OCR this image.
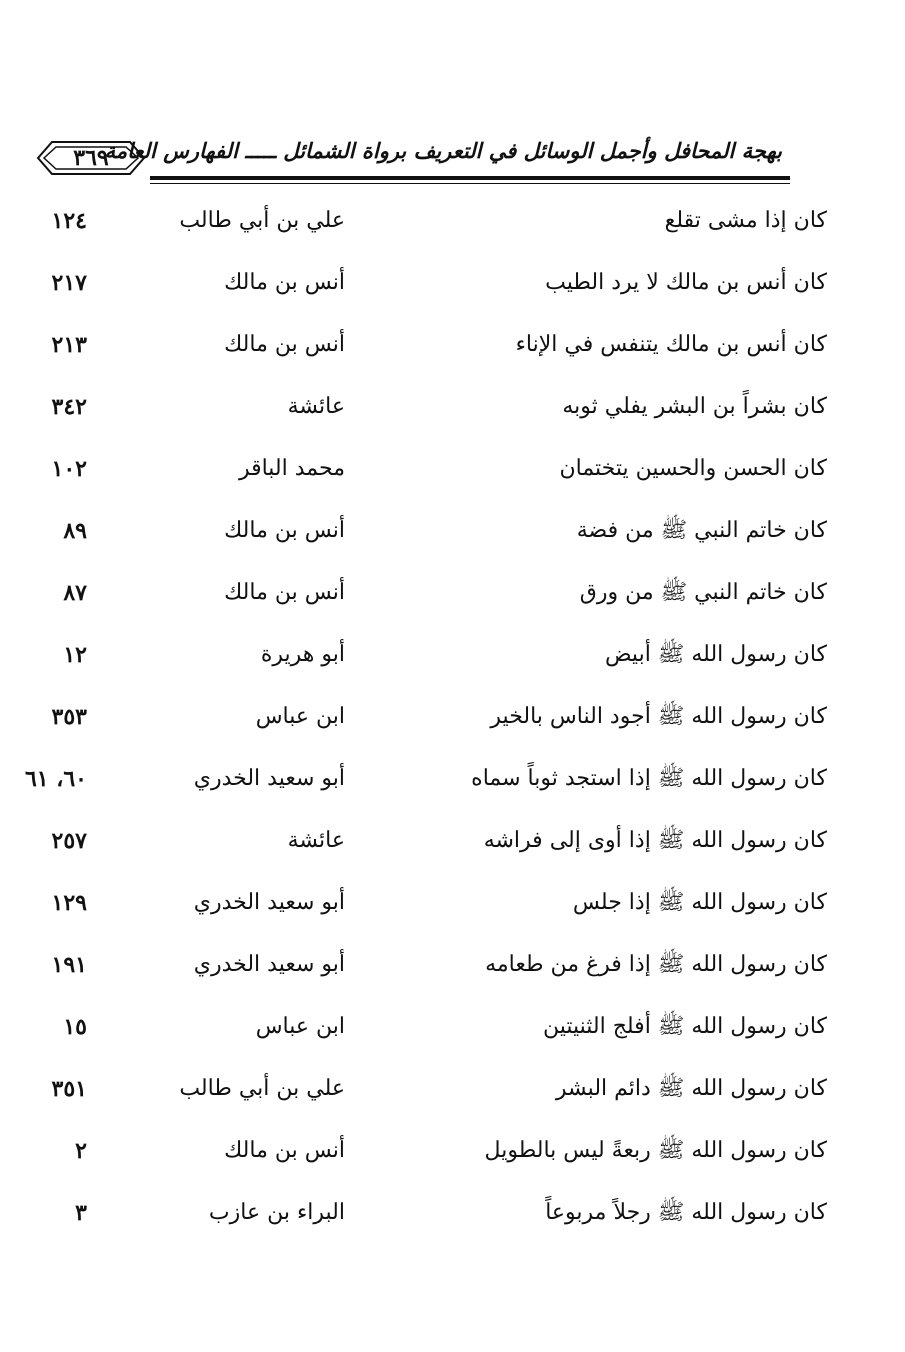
بهجة المحافل وأجمل الوسائل في التعريف برواة الشمائل ـــــ الفهارس العامة
٣٦٩
كان إذا مشى تقلع
علي بن أبي طالب
١٢٤
كان أنس بن مالك لا يرد الطيب
أنس بن مالك
٢١٧
كان أنس بن مالك يتنفس في الإناء
أنس بن مالك
٢١٣
كان بشراً بن البشر يفلي ثوبه
عائشة
٣٤٢
كان الحسن والحسين يتختمان
محمد الباقر
١٠٢
كان خاتم النبي ﷺ من فضة
أنس بن مالك
٨٩
كان خاتم النبي ﷺ من ورق
أنس بن مالك
٨٧
كان رسول الله ﷺ أبيض
أبو هريرة
١٢
كان رسول الله ﷺ أجود الناس بالخير
ابن عباس
٣٥٣
كان رسول الله ﷺ إذا استجد ثوباً سماه
أبو سعيد الخدري
٦٠، ٦١
كان رسول الله ﷺ إذا أوى إلى فراشه
عائشة
٢٥٧
كان رسول الله ﷺ إذا جلس
أبو سعيد الخدري
١٢٩
كان رسول الله ﷺ إذا فرغ من طعامه
أبو سعيد الخدري
١٩١
كان رسول الله ﷺ أفلج الثنيتين
ابن عباس
١٥
كان رسول الله ﷺ دائم البشر
علي بن أبي طالب
٣٥١
كان رسول الله ﷺ ربعةً ليس بالطويل
أنس بن مالك
٢
كان رسول الله ﷺ رجلاً مربوعاً
البراء بن عازب
٣
